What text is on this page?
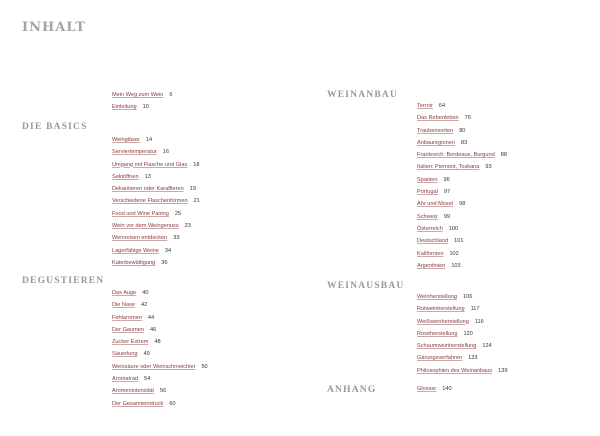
INHALT
DIE BASICS
DEGUSTIEREN
WEINANBAU
WEINAUSBAU
ANHANG
Mein Weg zum Wein 6
Einleitung 10
Weingläser 14
Serviertemperatur 16
Umgang mit Flasche und Glas 18
Sektöffnen 13
Dekantieren oder Karaffieren 19
Verschiedene Flaschenformen 21
Food und Wine Pairing 25
Wein vor dem Weingenuss 23
Weinreisen entdecken 33
Lagerfähige Weine 34
Katerbewältigung 36
Das Auge 40
Die Nase 42
Fehlaromen 44
Der Gaumen 46
Zucker Extrem 48
Säuerlung 49
Weinsäure oder Weinschmeichler 50
Aromatrad 54
Aromenintensität 56
Der Gesamteindruck 60
Terroir 64
Das Rebenleben 76
Traubensorten 80
Anbauregionen 83
Frankreich: Bordeaux, Burgund 88
Italien: Piemont, Toskana 93
Spanien 96
Portugal 97
Ahr und Mosel 98
Schweiz 99
Österreich 100
Deutschland 101
Kalifornien 102
Argentinien 103
Weinherstellung 106
Rotweinherstellung 117
Weißweinherstellung 116
Roséherstellung 120
Schaumweinherstellung 124
Gärungsverfahren 133
Philosophien des Weinanbaus 139
Glossar 140
